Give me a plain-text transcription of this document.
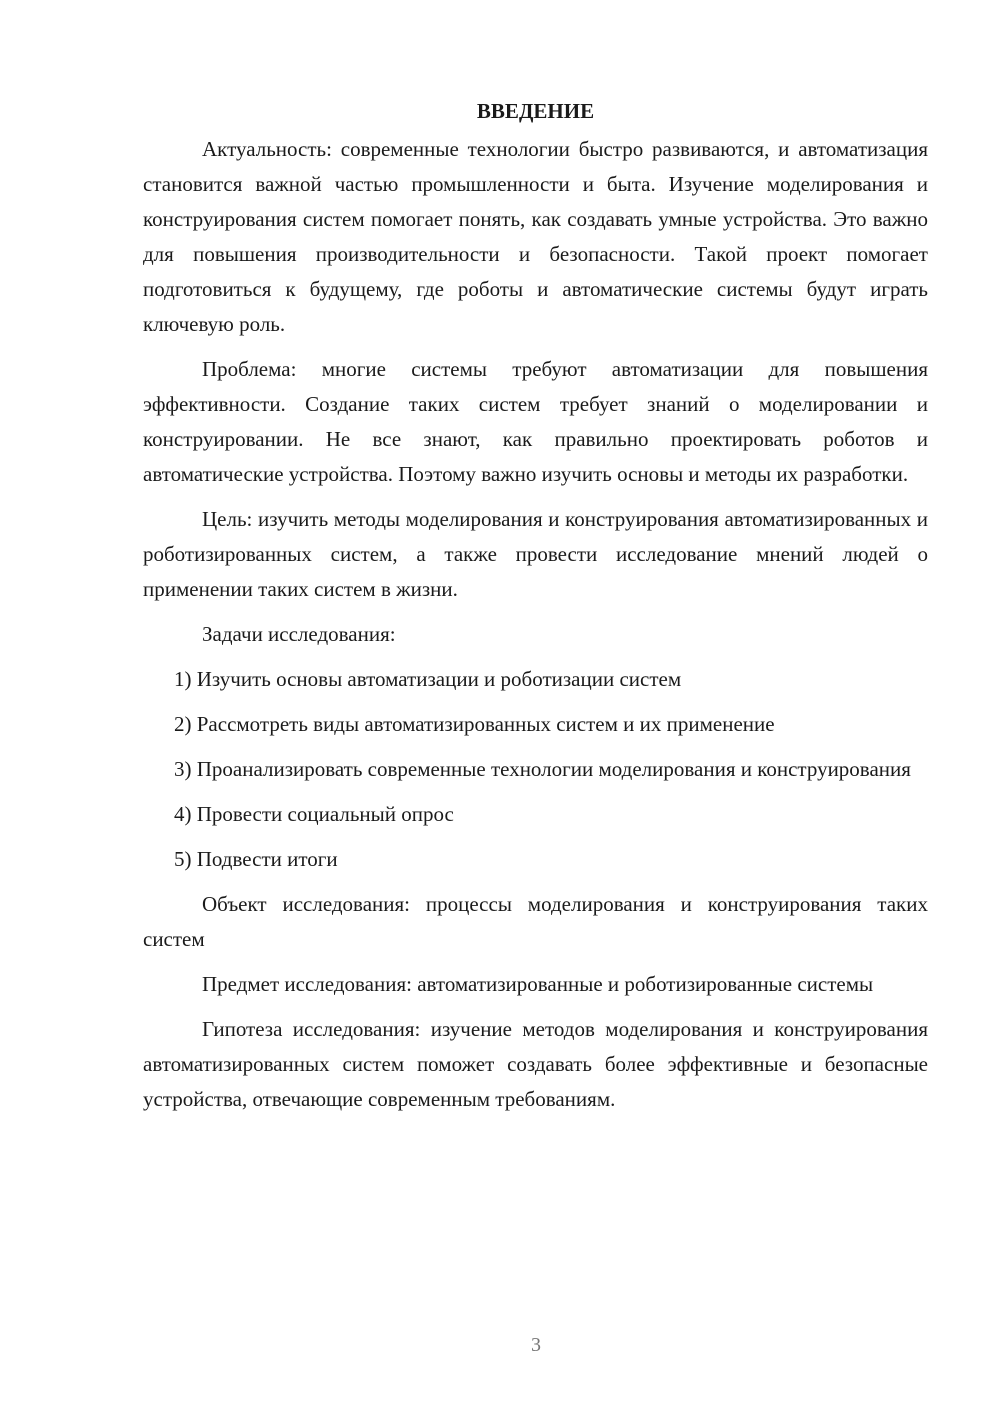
ВВЕДЕНИЕ

Актуальность: современные технологии быстро развиваются, и автоматизация становится важной частью промышленности и быта. Изучение моделирования и конструирования систем помогает понять, как создавать умные устройства. Это важно для повышения производительности и безопасности. Такой проект помогает подготовиться к будущему, где роботы и автоматические системы будут играть ключевую роль.

Проблема: многие системы требуют автоматизации для повышения эффективности. Создание таких систем требует знаний о моделировании и конструировании. Не все знают, как правильно проектировать роботов и автоматические устройства. Поэтому важно изучить основы и методы их разработки.

Цель: изучить методы моделирования и конструирования автоматизированных и роботизированных систем, а также провести исследование мнений людей о применении таких систем в жизни.

Задачи исследования:

1) Изучить основы автоматизации и роботизации систем

2) Рассмотреть виды автоматизированных систем и их применение

3) Проанализировать современные технологии моделирования и конструирования

4) Провести социальный опрос

5) Подвести итоги

Объект исследования: процессы моделирования и конструирования таких систем

Предмет исследования: автоматизированные и роботизированные системы

Гипотеза исследования: изучение методов моделирования и конструирования автоматизированных систем поможет создавать более эффективные и безопасные устройства, отвечающие современным требованиям.

3
